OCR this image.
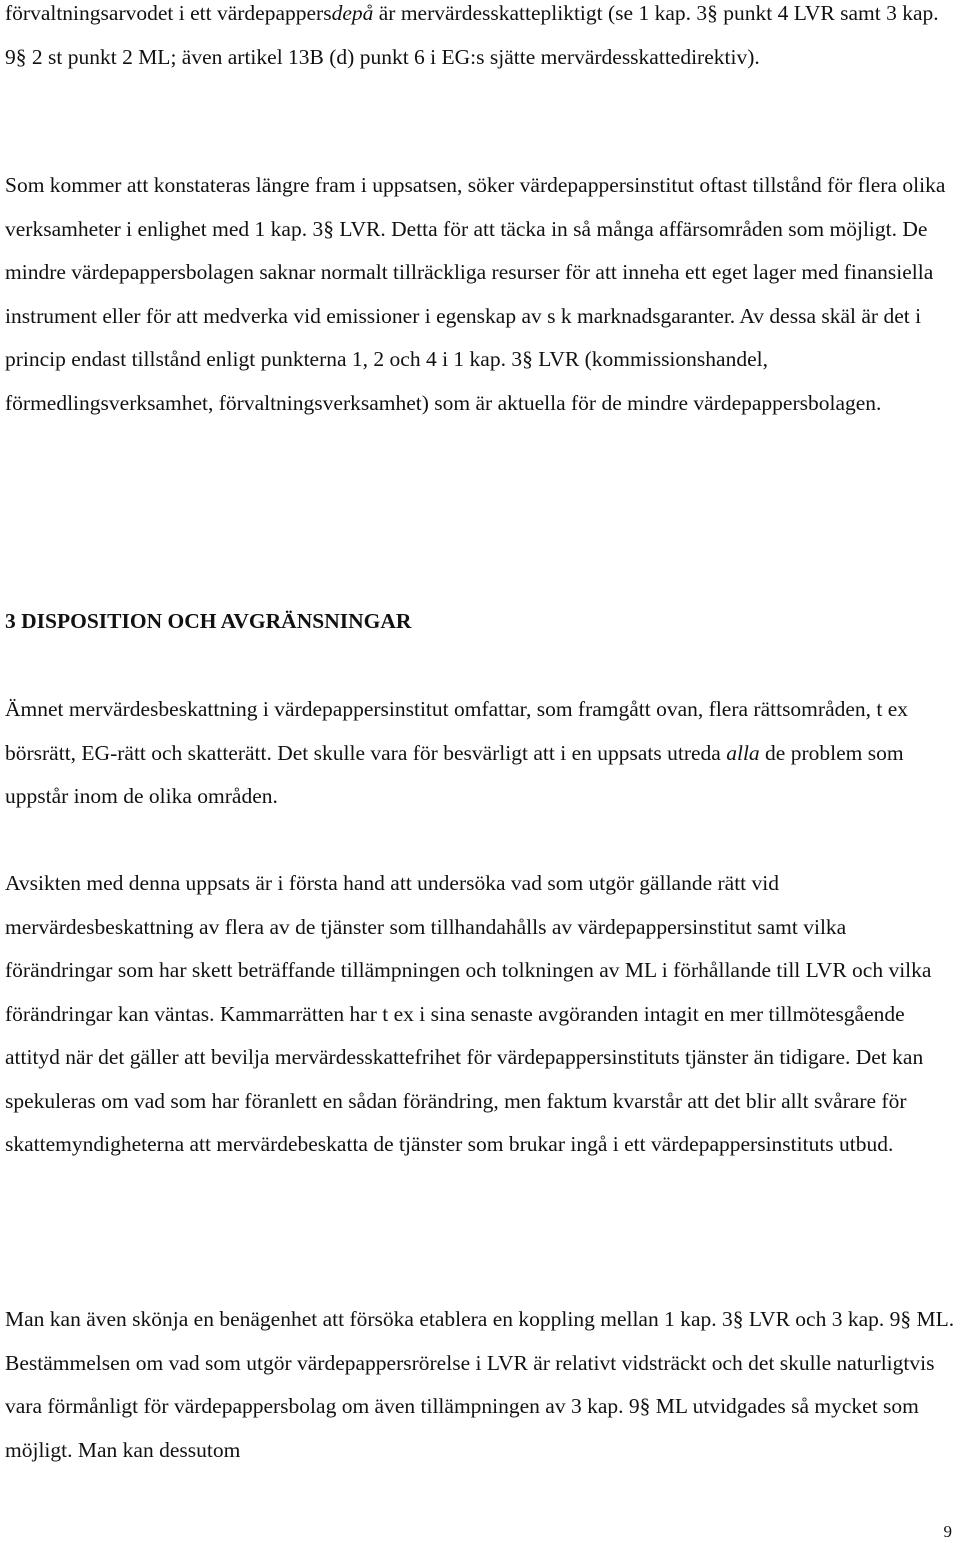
förvaltningsarvodet i ett värdepappersdepå är mervärdesskattepliktigt (se 1 kap. 3§ punkt 4 LVR samt 3 kap. 9§ 2 st punkt 2 ML; även artikel 13B (d) punkt 6 i EG:s sjätte mervärdesskattedirektiv).

Som kommer att konstateras längre fram i uppsatsen, söker värdepappersinstitut oftast tillstånd för flera olika verksamheter i enlighet med 1 kap. 3§ LVR. Detta för att täcka in så många affärsområden som möjligt. De mindre värdepappersbolagen saknar normalt tillräckliga resurser för att inneha ett eget lager med finansiella instrument eller för att medverka vid emissioner i egenskap av s k marknadsgaranter. Av dessa skäl är det i princip endast tillstånd enligt punkterna 1, 2 och 4 i 1 kap. 3§ LVR (kommissionshandel, förmedlingsverksamhet, förvaltningsverksamhet) som är aktuella för de mindre värdepappersbolagen.

3 DISPOSITION OCH AVGRÄNSNINGAR

Ämnet mervärdesbeskattning i värdepappersinstitut omfattar, som framgått ovan, flera rättsområden, t ex börsrätt, EG-rätt och skatterätt. Det skulle vara för besvärligt att i en uppsats utreda alla de problem som uppstår inom de olika områden.

Avsikten med denna uppsats är i första hand att undersöka vad som utgör gällande rätt vid mervärdesbeskattning av flera av de tjänster som tillhandahålls av värdepappersinstitut samt vilka förändringar som har skett beträffande tillämpningen och tolkningen av ML i förhållande till LVR och vilka förändringar kan väntas. Kammarrätten har t ex i sina senaste avgöranden intagit en mer tillmötesgående attityd när det gäller att bevilja mervärdesskattefrihet för värdepappersinstituts tjänster än tidigare. Det kan spekuleras om vad som har föranlett en sådan förändring, men faktum kvarstår att det blir allt svårare för skattemyndigheterna att mervärdebeskatta de tjänster som brukar ingå i ett värdepappersinstituts utbud.

Man kan även skönja en benägenhet att försöka etablera en koppling mellan 1 kap. 3§ LVR och 3 kap. 9§ ML. Bestämmelsen om vad som utgör värdepappersrörelse i LVR är relativt vidsträckt och det skulle naturligtvis vara förmånligt för värdepappersbolag om även tillämpningen av 3 kap. 9§ ML utvidgades så mycket som möjligt. Man kan dessutom

9
